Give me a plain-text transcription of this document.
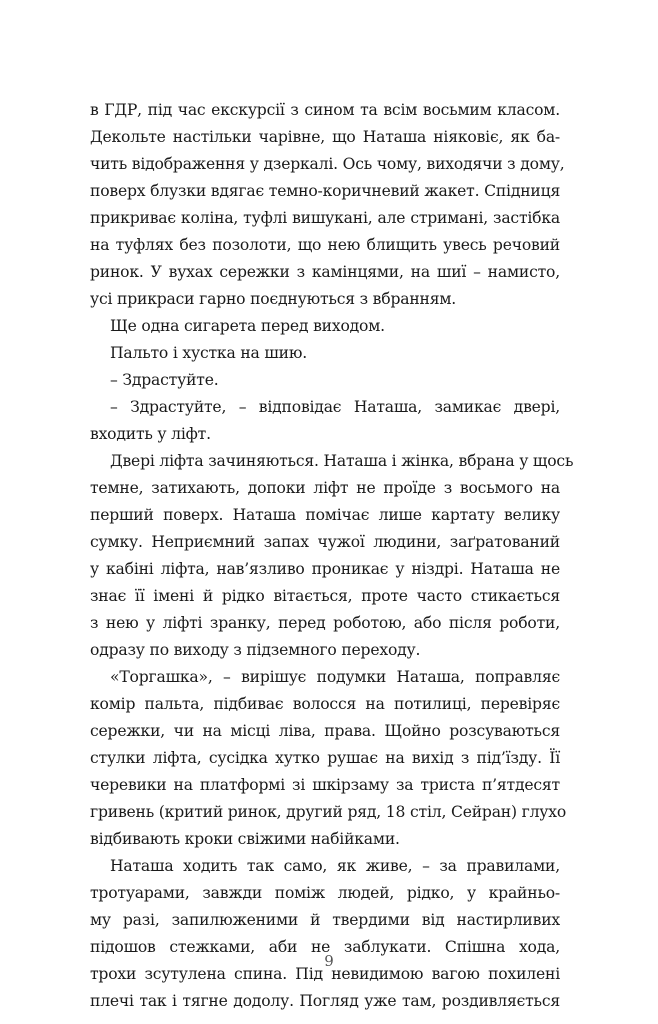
в ГДР, під час екскурсії з сином та всім восьмим класом.
Декольте настільки чарівне, що Наташа ніяковіє, як ба-
чить відображення у дзеркалі. Ось чому, виходячи з дому,
поверх блузки вдягає темно-коричневий жакет. Спідниця
прикриває коліна, туфлі вишукані, але стримані, застібка
на туфлях без позолоти, що нею блищить увесь речовий
ринок. У вухах сережки з камінцями, на шиї – намисто,
усі прикраси гарно поєднуються з вбранням.
Ще одна сигарета перед виходом.
Пальто і хустка на шию.
– Здрастуйте.
– Здрастуйте, – відповідає Наташа, замикає двері,
входить у ліфт.
Двері ліфта зачиняються. Наташа і жінка, вбрана у щось
темне, затихають, допоки ліфт не проїде з восьмого на
перший поверх. Наташа помічає лише картату велику
сумку. Неприємний запах чужої людини, заґратований
у кабіні ліфта, нав’язливо проникає у ніздрі. Наташа не
знає її імені й рідко вітається, проте часто стикається
з нею у ліфті зранку, перед роботою, або після роботи,
одразу по виходу з підземного переходу.
«Торгашка», – вирішує подумки Наташа, поправляє
комір пальта, підбиває волосся на потилиці, перевіряє
сережки, чи на місці ліва, права. Щойно розсуваються
стулки ліфта, сусідка хутко рушає на вихід з під’їзду. Її
черевики на платформі зі шкірзаму за триста п’ятдесят
гривень (критий ринок, другий ряд, 18 стіл, Сейран) глухо
відбивають кроки свіжими набійками.
Наташа ходить так само, як живе, – за правилами,
тротуарами, завжди поміж людей, рідко, у крайньо-
му разі, запилюженими й твердими від настирливих
підошов стежками, аби не заблукати. Спішна хода,
трохи зсутулена спина. Під невидимою вагою похилені
плечі так і тягне додолу. Погляд уже там, роздивляється
9
